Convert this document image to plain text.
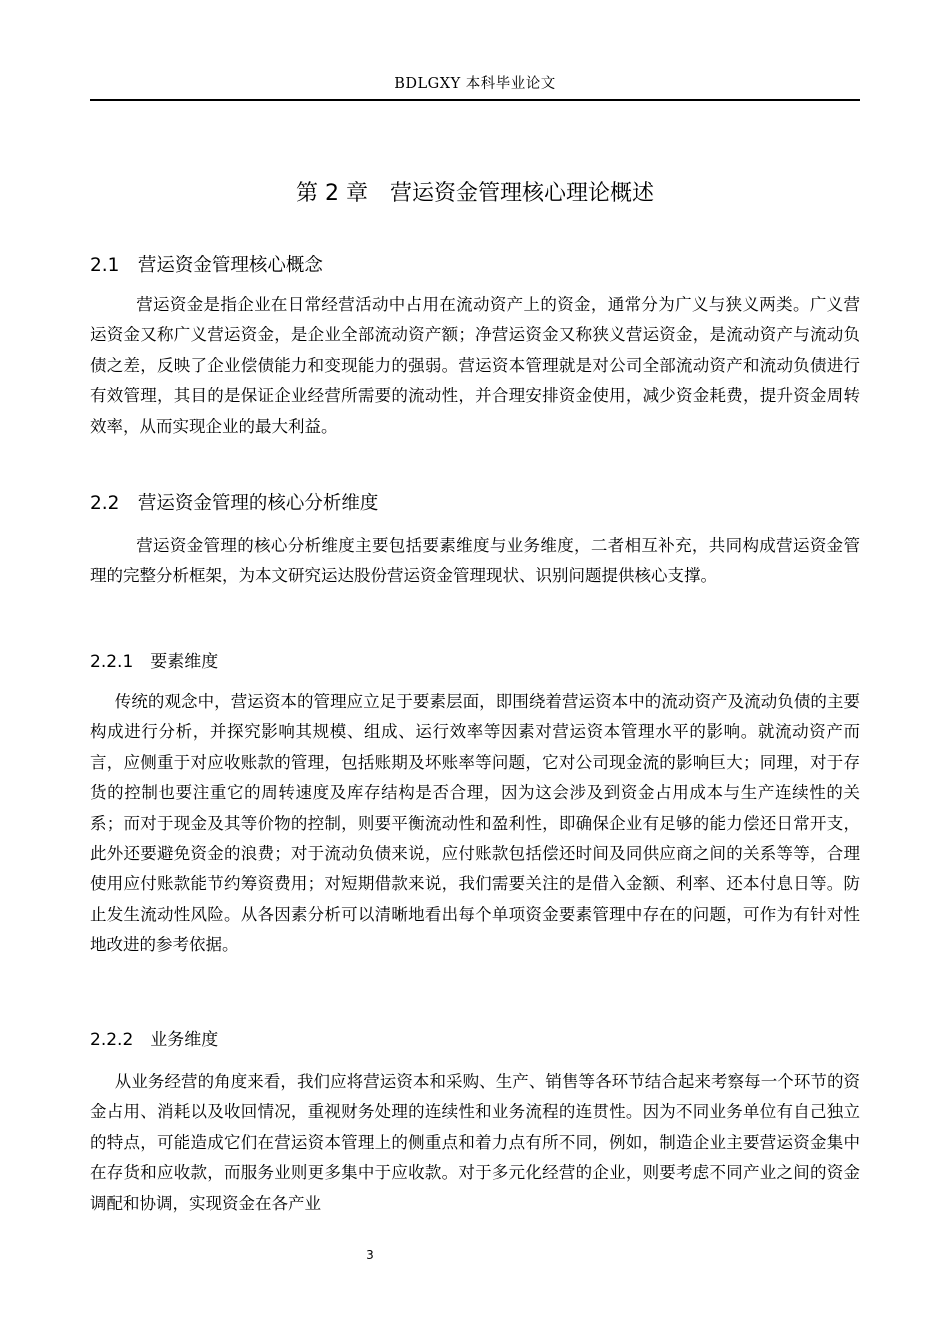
BDLGXY 本科毕业论文
第 2 章　营运资金管理核心理论概述
2.1　营运资金管理核心概念

营运资金是指企业在日常经营活动中占用在流动资产上的资金，通常分为广义与狭义两类。广义营运资金又称广义营运资金，是企业全部流动资产额；净营运资金又称狭义营运资金，是流动资产与流动负债之差，反映了企业偿债能力和变现能力的强弱。营运资本管理就是对公司全部流动资产和流动负债进行有效管理，其目的是保证企业经营所需要的流动性，并合理安排资金使用，减少资金耗费，提升资金周转效率，从而实现企业的最大利益。

2.2　营运资金管理的核心分析维度

营运资金管理的核心分析维度主要包括要素维度与业务维度，二者相互补充，共同构成营运资金管理的完整分析框架，为本文研究运达股份营运资金管理现状、识别问题提供核心支撑。

2.2.1　要素维度

传统的观念中，营运资本的管理应立足于要素层面，即围绕着营运资本中的流动资产及流动负债的主要构成进行分析，并探究影响其规模、组成、运行效率等因素对营运资本管理水平的影响。就流动资产而言，应侧重于对应收账款的管理，包括账期及坏账率等问题，它对公司现金流的影响巨大；同理，对于存货的控制也要注重它的周转速度及库存结构是否合理，因为这会涉及到资金占用成本与生产连续性的关系；而对于现金及其等价物的控制，则要平衡流动性和盈利性，即确保企业有足够的能力偿还日常开支，此外还要避免资金的浪费；对于流动负债来说，应付账款包括偿还时间及同供应商之间的关系等等，合理使用应付账款能节约筹资费用；对短期借款来说，我们需要关注的是借入金额、利率、还本付息日等。防止发生流动性风险。从各因素分析可以清晰地看出每个单项资金要素管理中存在的问题，可作为有针对性地改进的参考依据。

2.2.2　业务维度

从业务经营的角度来看，我们应将营运资本和采购、生产、销售等各环节结合起来考察每一个环节的资金占用、消耗以及收回情况，重视财务处理的连续性和业务流程的连贯性。因为不同业务单位有自己独立的特点，可能造成它们在营运资本管理上的侧重点和着力点有所不同，例如，制造企业主要营运资金集中在存货和应收款，而服务业则更多集中于应收款。对于多元化经营的企业，则要考虑不同产业之间的资金调配和协调，实现资金在各产业

3
